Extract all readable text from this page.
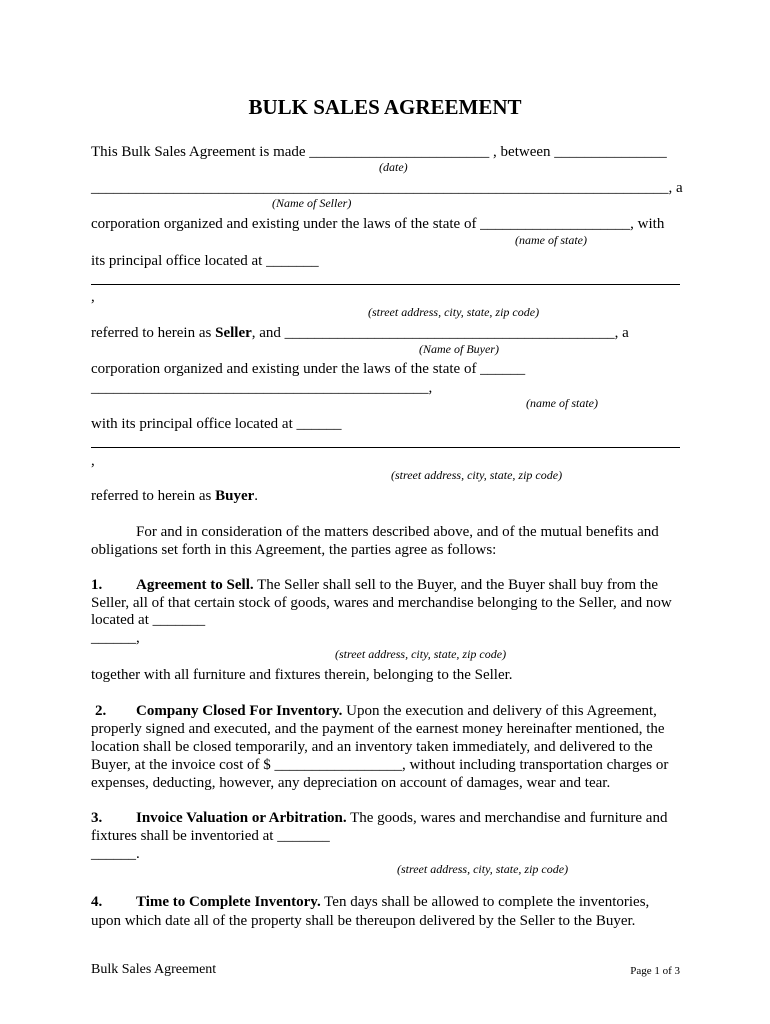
BULK SALES AGREEMENT
This Bulk Sales Agreement is made ________________________ , between _______________
(date)
_____________________________________________________________________________, a
(Name of Seller)
corporation organized and existing under the laws of the state of ____________________, with
(name of state)
its principal office located at _______
,
(street address, city, state, zip code)
referred to herein as Seller, and ____________________________________________, a
(Name of Buyer)
corporation organized and existing under the laws of the state of ______
_____________________________________________,
(name of state)
with its principal office located at ______
,
(street address, city, state, zip code)
referred to herein as Buyer.
For and in consideration of the matters described above, and of the mutual benefits and
obligations set forth in this Agreement, the parties agree as follows:
1. Agreement to Sell. The Seller shall sell to the Buyer, and the Buyer shall buy from the
Seller, all of that certain stock of goods, wares and merchandise belonging to the Seller, and now
located at _______
______,
(street address, city, state, zip code)
together with all furniture and fixtures therein, belonging to the Seller.
2. Company Closed For Inventory. Upon the execution and delivery of this Agreement,
properly signed and executed, and the payment of the earnest money hereinafter mentioned, the
location shall be closed temporarily, and an inventory taken immediately, and delivered to the
Buyer, at the invoice cost of $ _________________, without including transportation charges or
expenses, deducting, however, any depreciation on account of damages, wear and tear.
3. Invoice Valuation or Arbitration. The goods, wares and merchandise and furniture and
fixtures shall be inventoried at _______
______.
(street address, city, state, zip code)
4. Time to Complete Inventory. Ten days shall be allowed to complete the inventories,
upon which date all of the property shall be thereupon delivered by the Seller to the Buyer.
Bulk Sales Agreement	Page 1 of 3
